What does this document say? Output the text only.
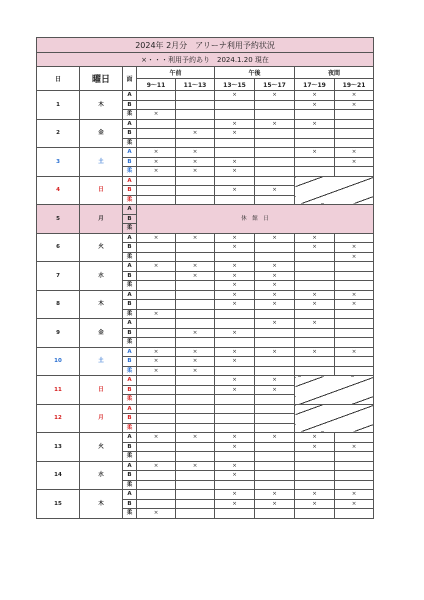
2024年 2月分　アリーナ利用予約状況								
×・・・利用予約あり　2024.1.20 現在								
日	曜日	面	午前		午後		夜間	
			9～11	11～13	13～15	15～17	17～19	19～21
1	木	A			×	×	×	×
		B					×	×
		柔	×					
2	金	A			×	×	×	
		B		×	×			
		柔						
3	土	A	×	×			×	×
		B	×	×	×			×
		柔	×	×	×			
4	日	A						
		B			×	×		
		柔						
5	月	A	休　館　日					
		B						
		柔						
6	火	A	×	×	×	×	×	
		B			×		×	×
		柔						×
7	水	A	×	×	×	×		
		B		×	×	×		
		柔			×	×		
8	木	A			×	×	×	×
		B			×	×	×	×
		柔	×					
9	金	A				×	×	
		B		×	×			
		柔						
10	土	A	×	×	×	×	×	×
		B	×	×	×			
		柔	×	×				
11	日	A			×	×		
		B			×	×		
		柔						
12	月	A						
		B						
		柔						
13	火	A	×	×	×	×	×	
		B			×		×	×
		柔						
14	水	A	×	×	×			
		B			×			
		柔						
15	木	A			×	×	×	×
		B			×	×	×	×
		柔	×					
